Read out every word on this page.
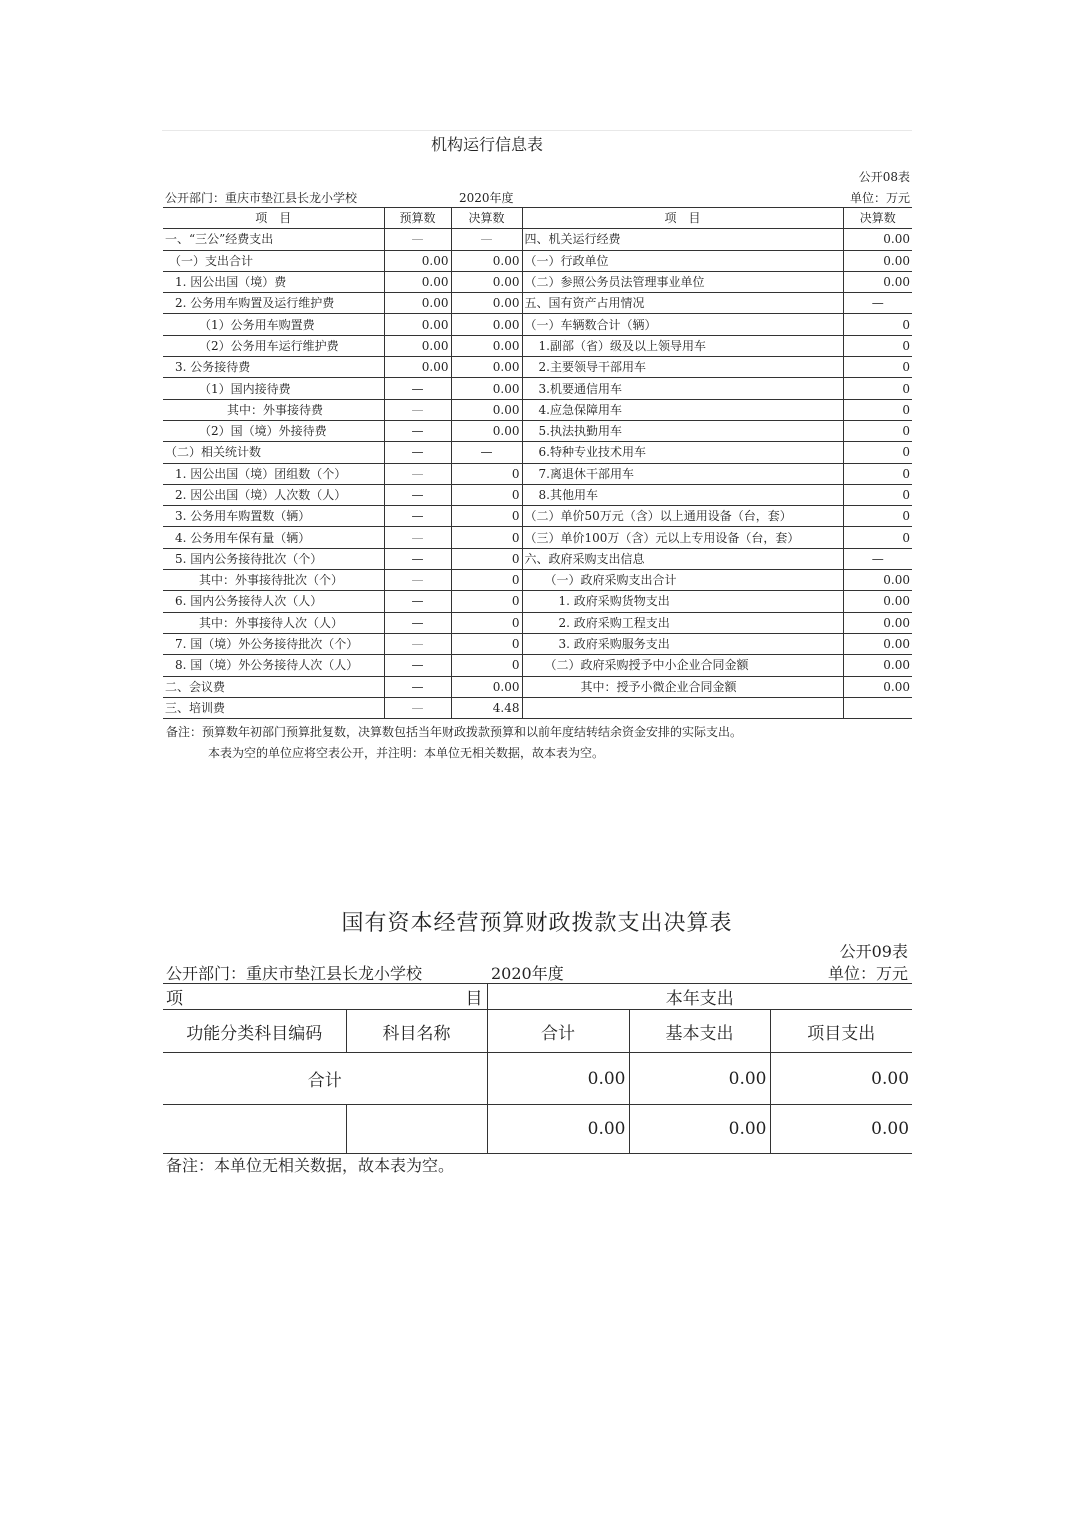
机构运行信息表
公开08表
公开部门：重庆市垫江县长龙小学校	2020年度	单位：万元
项　目	预算数	决算数	项　目	决算数
一、“三公”经费支出	—	—	四、机关运行经费	0.00
（一）支出合计	0.00	0.00	（一）行政单位	0.00
1. 因公出国（境）费	0.00	0.00	（二）参照公务员法管理事业单位	0.00
2. 公务用车购置及运行维护费	0.00	0.00	五、国有资产占用情况	—
（1）公务用车购置费	0.00	0.00	（一）车辆数合计（辆）	0
（2）公务用车运行维护费	0.00	0.00	1.副部（省）级及以上领导用车	0
3. 公务接待费	0.00	0.00	2.主要领导干部用车	0
（1）国内接待费	—	0.00	3.机要通信用车	0
其中：外事接待费	—	0.00	4.应急保障用车	0
（2）国（境）外接待费	—	0.00	5.执法执勤用车	0
（二）相关统计数	—	—	6.特种专业技术用车	0
1. 因公出国（境）团组数（个）	—	0	7.离退休干部用车	0
2. 因公出国（境）人次数（人）	—	0	8.其他用车	0
3. 公务用车购置数（辆）	—	0	（二）单价50万元（含）以上通用设备（台，套）	0
4. 公务用车保有量（辆）	—	0	（三）单价100万（含）元以上专用设备（台，套）	0
5. 国内公务接待批次（个）	—	0	六、政府采购支出信息	—
其中：外事接待批次（个）	—	0	（一）政府采购支出合计	0.00
6. 国内公务接待人次（人）	—	0	1. 政府采购货物支出	0.00
其中：外事接待人次（人）	—	0	2. 政府采购工程支出	0.00
7. 国（境）外公务接待批次（个）	—	0	3. 政府采购服务支出	0.00
8. 国（境）外公务接待人次（人）	—	0	（二）政府采购授予中小企业合同金额	0.00
二、会议费	—	0.00	其中：授予小微企业合同金额	0.00
三、培训费	—	4.48		
备注：预算数年初部门预算批复数，决算数包括当年财政拨款预算和以前年度结转结余资金安排的实际支出。
本表为空的单位应将空表公开，并注明：本单位无相关数据，故本表为空。
国有资本经营预算财政拨款支出决算表
公开09表
公开部门：重庆市垫江县长龙小学校	2020年度	单位：万元
项 目		本年支出		
功能分类科目编码	科目名称	合计	基本支出	项目支出
合计		0.00	0.00	0.00
		0.00	0.00	0.00
备注：本单位无相关数据，故本表为空。
